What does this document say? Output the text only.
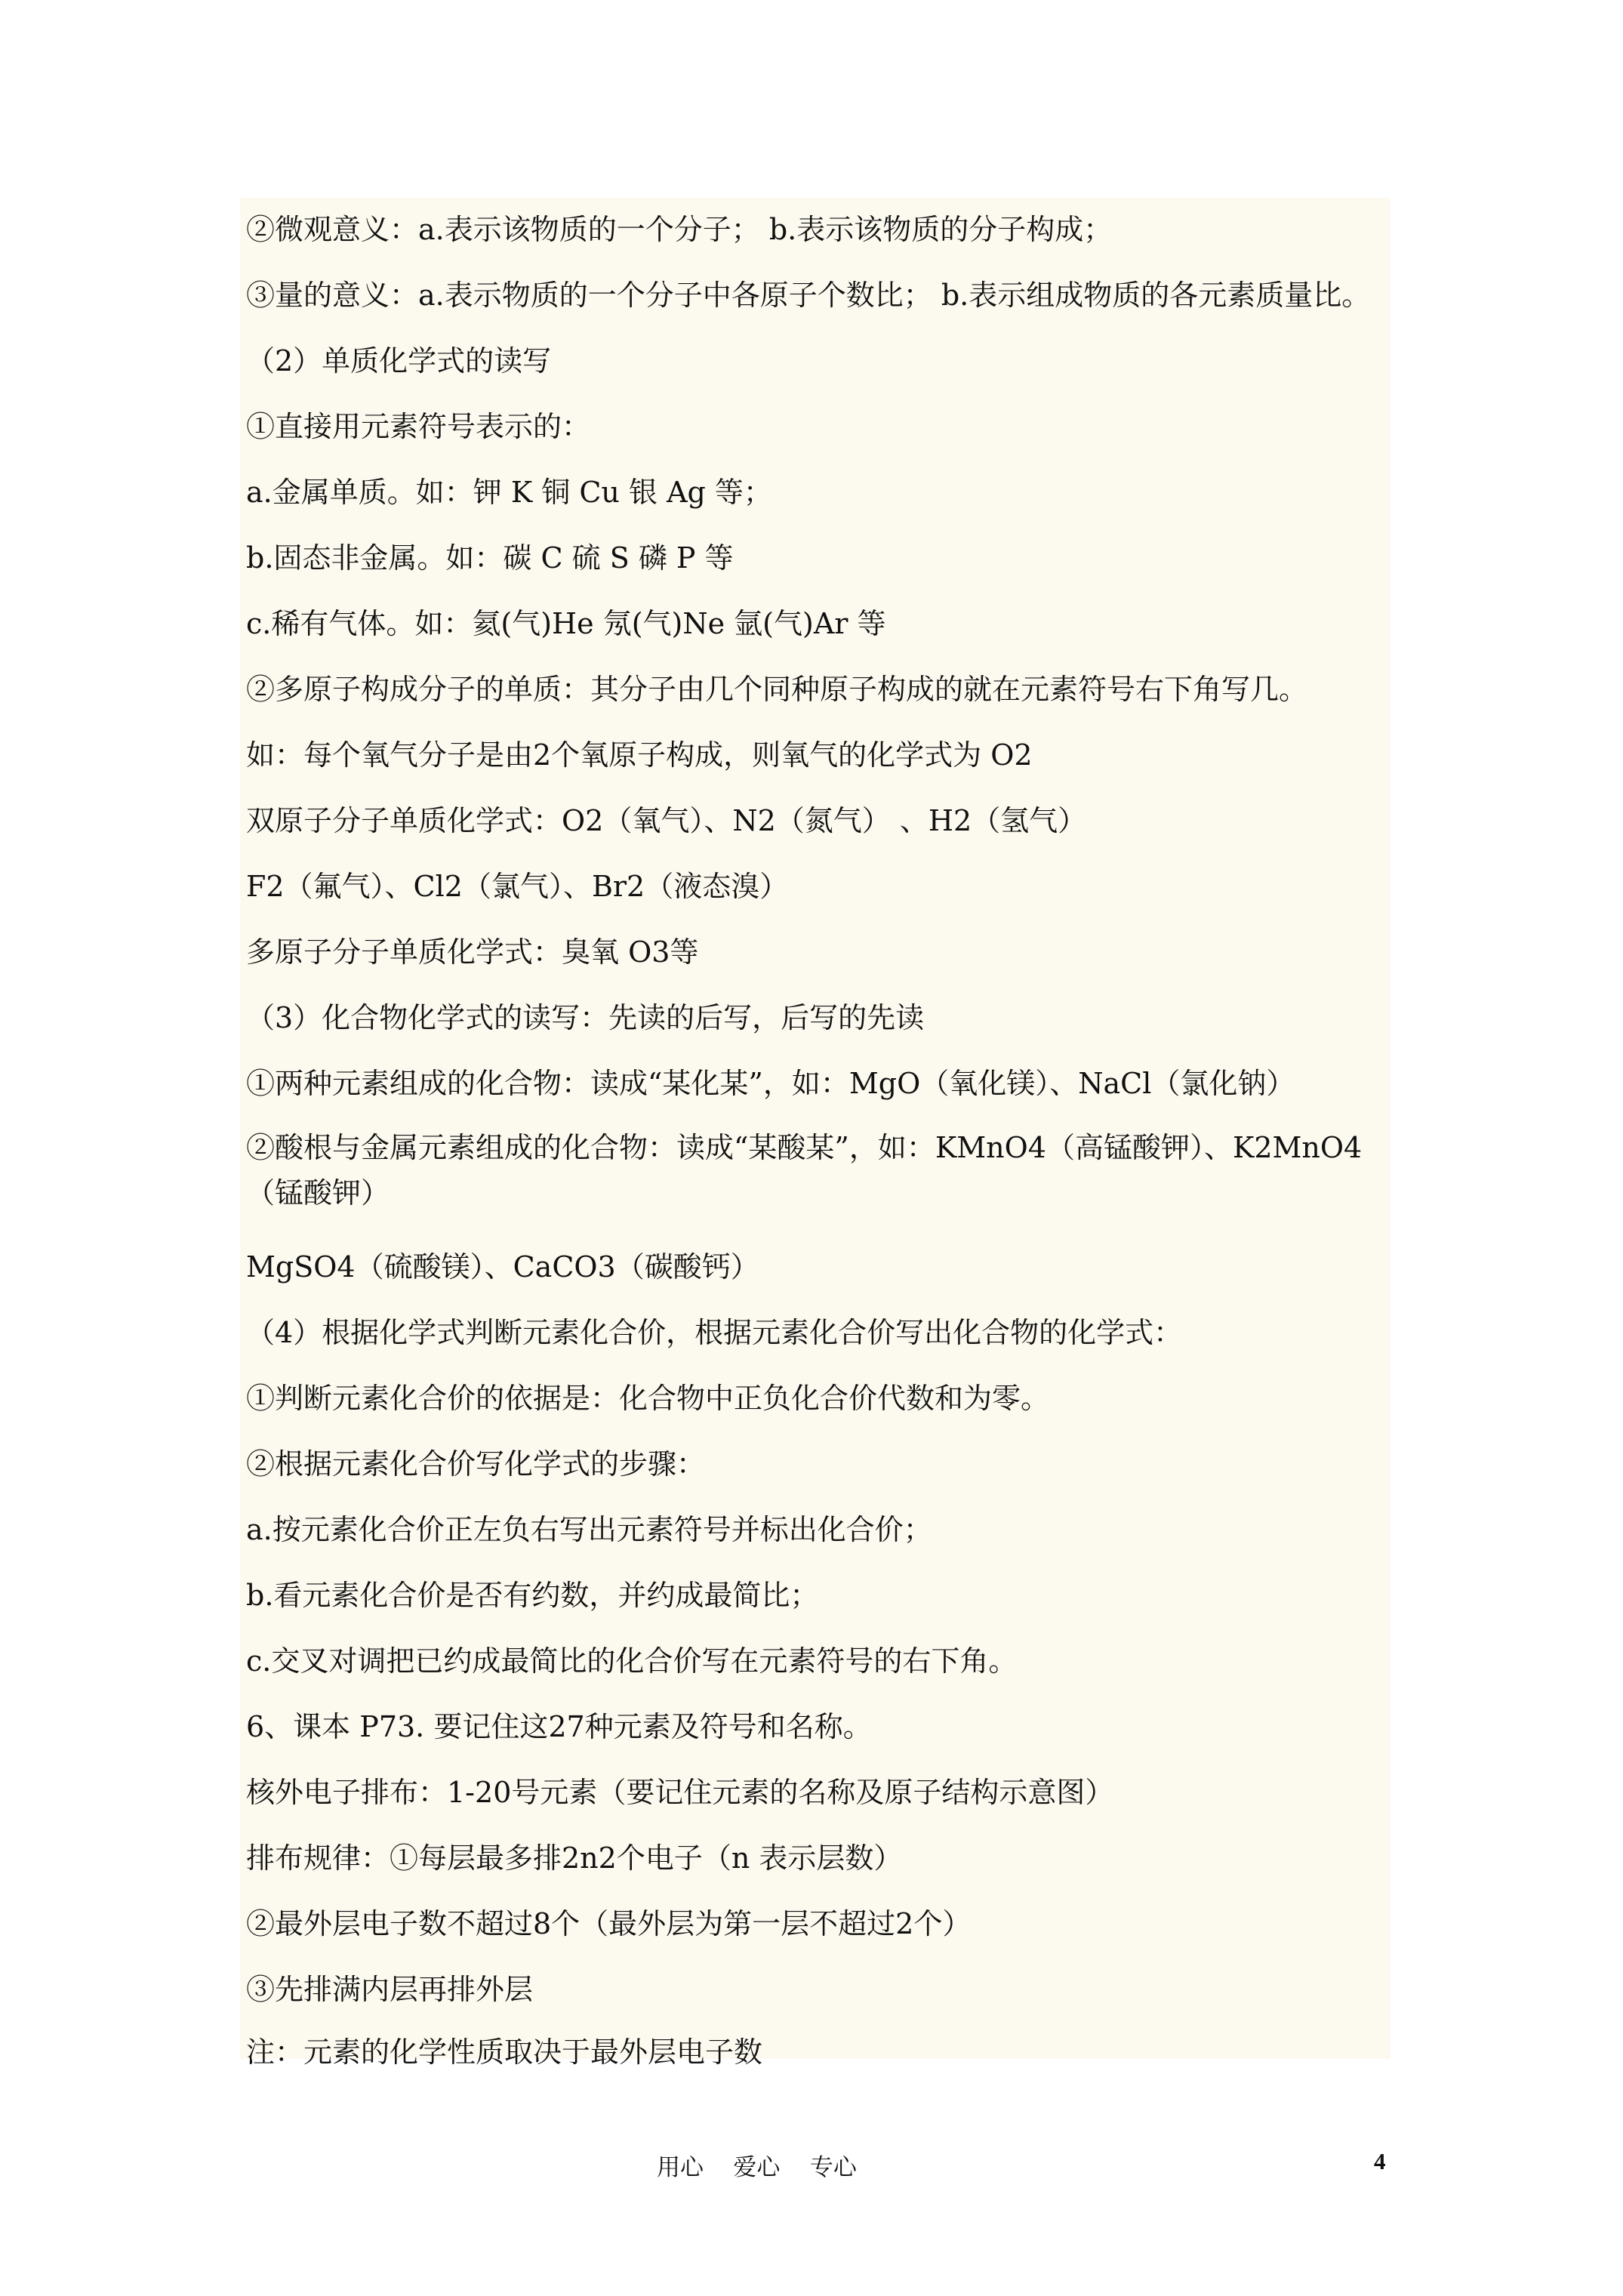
②微观意义：a.表示该物质的一个分子； b.表示该物质的分子构成；
③量的意义：a.表示物质的一个分子中各原子个数比； b.表示组成物质的各元素质量比。
（2）单质化学式的读写
①直接用元素符号表示的：
a.金属单质。如：钾 K 铜 Cu 银 Ag 等；
b.固态非金属。如：碳 C 硫 S 磷 P 等
c.稀有气体。如：氦(气)He 氖(气)Ne 氩(气)Ar 等
②多原子构成分子的单质：其分子由几个同种原子构成的就在元素符号右下角写几。
如：每个氧气分子是由2个氧原子构成，则氧气的化学式为 O2
双原子分子单质化学式：O2（氧气）、N2（氮气） 、H2（氢气）
F2（氟气）、Cl2（氯气）、Br2（液态溴）
多原子分子单质化学式：臭氧 O3等
（3）化合物化学式的读写：先读的后写，后写的先读
①两种元素组成的化合物：读成“某化某”，如：MgO（氧化镁）、NaCl（氯化钠）
②酸根与金属元素组成的化合物：读成“某酸某”，如：KMnO4（高锰酸钾）、K2MnO4（锰酸钾）
MgSO4（硫酸镁）、CaCO3（碳酸钙）
（4）根据化学式判断元素化合价，根据元素化合价写出化合物的化学式：
①判断元素化合价的依据是：化合物中正负化合价代数和为零。
②根据元素化合价写化学式的步骤：
a.按元素化合价正左负右写出元素符号并标出化合价；
b.看元素化合价是否有约数，并约成最简比；
c.交叉对调把已约成最简比的化合价写在元素符号的右下角。
6、课本 P73. 要记住这27种元素及符号和名称。
核外电子排布：1-20号元素（要记住元素的名称及原子结构示意图）
排布规律：①每层最多排2n2个电子（n 表示层数）
②最外层电子数不超过8个（最外层为第一层不超过2个）
③先排满内层再排外层
注：元素的化学性质取决于最外层电子数
用心    爱心    专心	4
